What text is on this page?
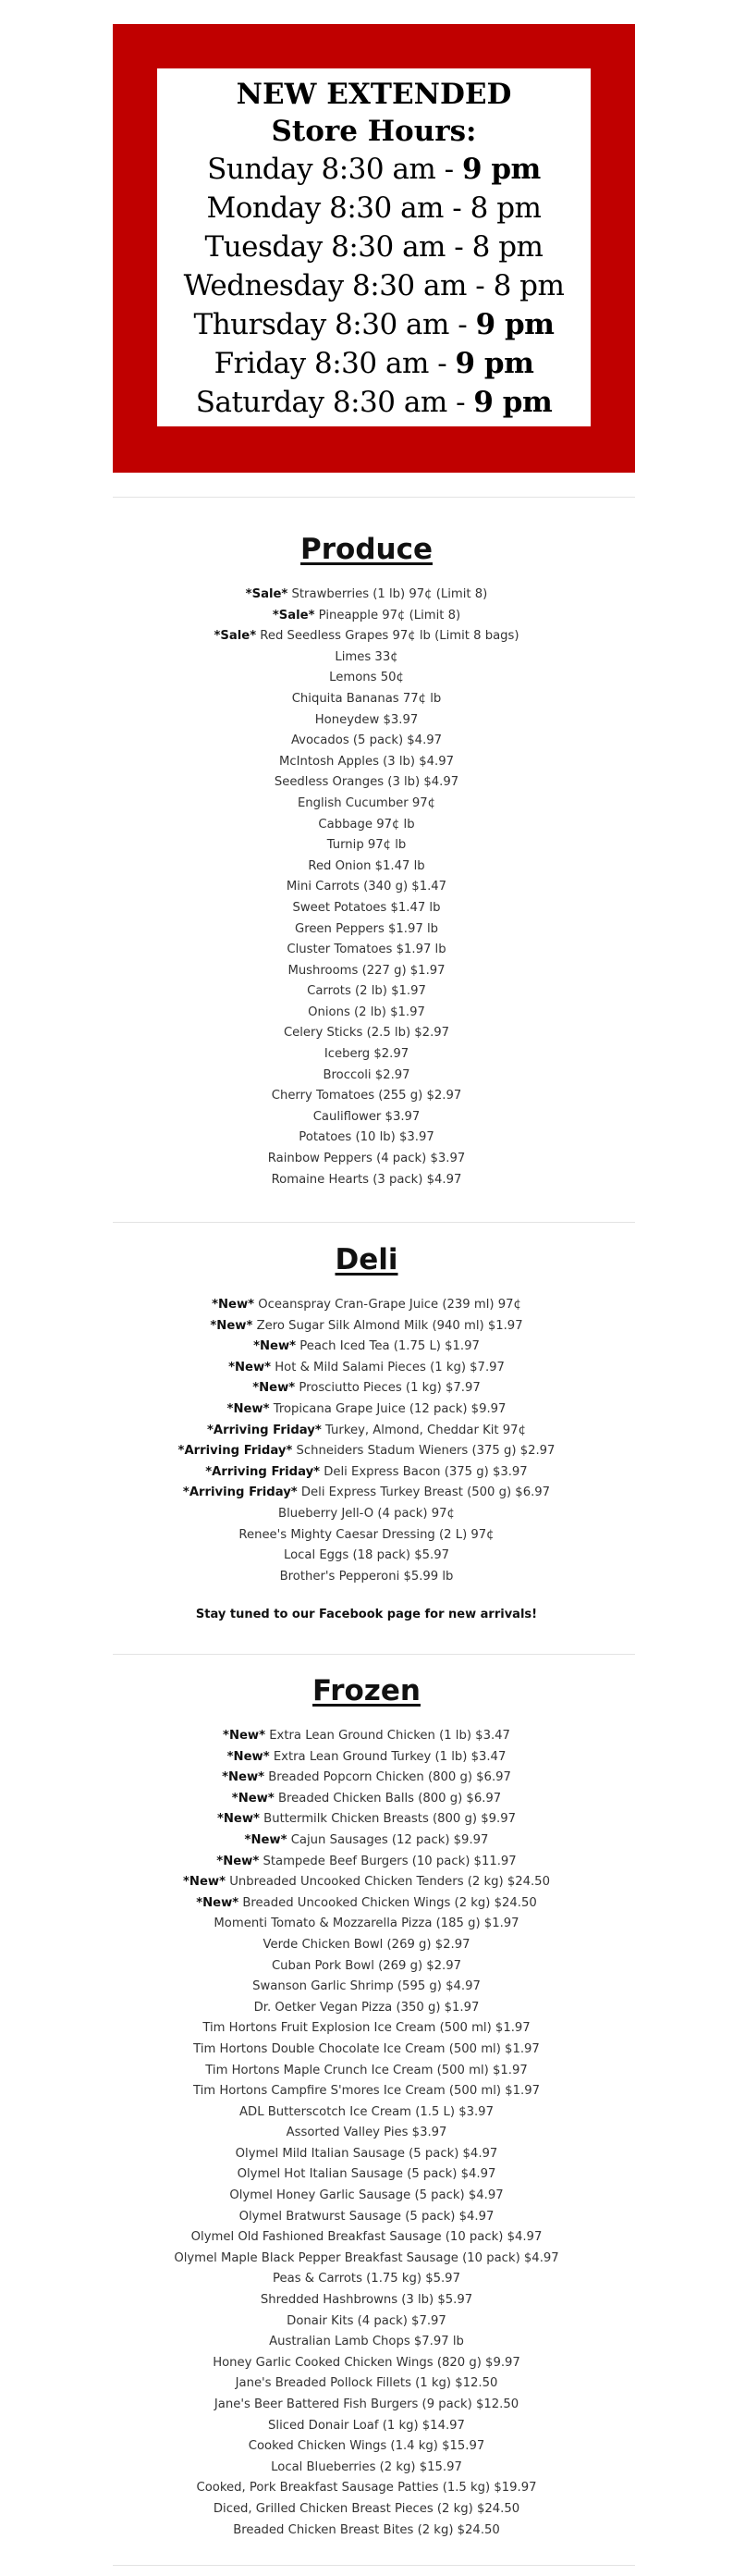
NEW EXTENDED
Store Hours:
Sunday 8:30 am - 9 pm
Monday 8:30 am - 8 pm
Tuesday 8:30 am - 8 pm
Wednesday 8:30 am - 8 pm
Thursday 8:30 am - 9 pm
Friday 8:30 am - 9 pm
Saturday 8:30 am - 9 pm
Produce
*Sale* Strawberries (1 lb) 97¢ (Limit 8)
*Sale* Pineapple 97¢ (Limit 8)
*Sale* Red Seedless Grapes 97¢ lb (Limit 8 bags)
Limes 33¢
Lemons 50¢
Chiquita Bananas 77¢ lb
Honeydew $3.97
Avocados (5 pack) $4.97
McIntosh Apples (3 lb) $4.97
Seedless Oranges (3 lb) $4.97
English Cucumber 97¢
Cabbage 97¢ lb
Turnip 97¢ lb
Red Onion $1.47 lb
Mini Carrots (340 g) $1.47
Sweet Potatoes $1.47 lb
Green Peppers $1.97 lb
Cluster Tomatoes $1.97 lb
Mushrooms (227 g) $1.97
Carrots (2 lb) $1.97
Onions (2 lb) $1.97
Celery Sticks (2.5 lb) $2.97
Iceberg $2.97
Broccoli $2.97
Cherry Tomatoes (255 g) $2.97
Cauliflower $3.97
Potatoes (10 lb) $3.97
Rainbow Peppers (4 pack) $3.97
Romaine Hearts (3 pack) $4.97
Deli
*New* Oceanspray Cran-Grape Juice (239 ml) 97¢
*New* Zero Sugar Silk Almond Milk (940 ml) $1.97
*New* Peach Iced Tea (1.75 L) $1.97
*New* Hot & Mild Salami Pieces (1 kg) $7.97
*New* Prosciutto Pieces (1 kg) $7.97
*New* Tropicana Grape Juice (12 pack) $9.97
*Arriving Friday* Turkey, Almond, Cheddar Kit 97¢
*Arriving Friday* Schneiders Stadum Wieners (375 g) $2.97
*Arriving Friday* Deli Express Bacon (375 g) $3.97
*Arriving Friday* Deli Express Turkey Breast (500 g) $6.97
Blueberry Jell-O (4 pack) 97¢
Renee's Mighty Caesar Dressing (2 L) 97¢
Local Eggs (18 pack) $5.97
Brother's Pepperoni $5.99 lb
Stay tuned to our Facebook page for new arrivals!
Frozen
*New* Extra Lean Ground Chicken (1 lb) $3.47
*New* Extra Lean Ground Turkey (1 lb) $3.47
*New* Breaded Popcorn Chicken (800 g) $6.97
*New* Breaded Chicken Balls (800 g) $6.97
*New* Buttermilk Chicken Breasts (800 g) $9.97
*New* Cajun Sausages (12 pack) $9.97
*New* Stampede Beef Burgers (10 pack) $11.97
*New* Unbreaded Uncooked Chicken Tenders (2 kg) $24.50
*New* Breaded Uncooked Chicken Wings (2 kg) $24.50
Momenti Tomato & Mozzarella Pizza (185 g) $1.97
Verde Chicken Bowl (269 g) $2.97
Cuban Pork Bowl (269 g) $2.97
Swanson Garlic Shrimp (595 g) $4.97
Dr. Oetker Vegan Pizza (350 g) $1.97
Tim Hortons Fruit Explosion Ice Cream (500 ml) $1.97
Tim Hortons Double Chocolate Ice Cream (500 ml) $1.97
Tim Hortons Maple Crunch Ice Cream (500 ml) $1.97
Tim Hortons Campfire S'mores Ice Cream (500 ml) $1.97
ADL Butterscotch Ice Cream (1.5 L) $3.97
Assorted Valley Pies $3.97
Olymel Mild Italian Sausage (5 pack) $4.97
Olymel Hot Italian Sausage (5 pack) $4.97
Olymel Honey Garlic Sausage (5 pack) $4.97
Olymel Bratwurst Sausage (5 pack) $4.97
Olymel Old Fashioned Breakfast Sausage (10 pack) $4.97
Olymel Maple Black Pepper Breakfast Sausage (10 pack) $4.97
Peas & Carrots (1.75 kg) $5.97
Shredded Hashbrowns (3 lb) $5.97
Donair Kits (4 pack) $7.97
Australian Lamb Chops $7.97 lb
Honey Garlic Cooked Chicken Wings (820 g) $9.97
Jane's Breaded Pollock Fillets (1 kg) $12.50
Jane's Beer Battered Fish Burgers (9 pack) $12.50
Sliced Donair Loaf (1 kg) $14.97
Cooked Chicken Wings (1.4 kg) $15.97
Local Blueberries (2 kg) $15.97
Cooked, Pork Breakfast Sausage Patties (1.5 kg) $19.97
Diced, Grilled Chicken Breast Pieces (2 kg) $24.50
Breaded Chicken Breast Bites (2 kg) $24.50
